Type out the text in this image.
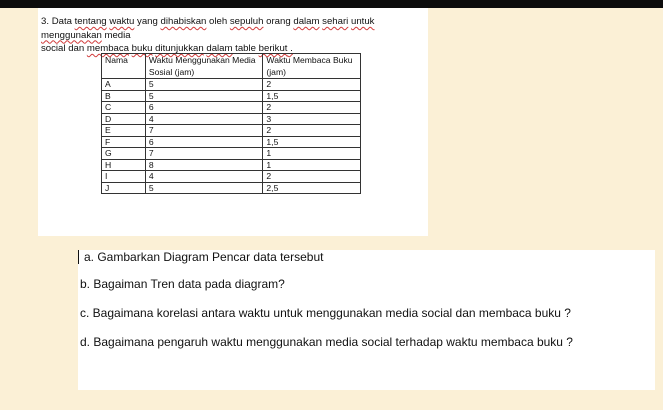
3. Data tentang waktu yang dihabiskan oleh sepuluh orang dalam sehari untuk menggunakan media
social dan membaca buku ditunjukkan dalam table berikut .
Nama	Waktu Menggunakan Media Sosial (jam)	Waktu Membaca Buku (jam)
A	5	2
B	5	1,5
C	6	2
D	4	3
E	7	2
F	6	1,5
G	7	1
H	8	1
I	4	2
J	5	2,5
a. Gambarkan Diagram Pencar data tersebut
b. Bagaiman Tren data pada diagram?
c. Bagaimana korelasi antara waktu untuk menggunakan media social dan membaca buku ?
d. Bagaimana pengaruh waktu menggunakan media social terhadap waktu membaca buku ?
